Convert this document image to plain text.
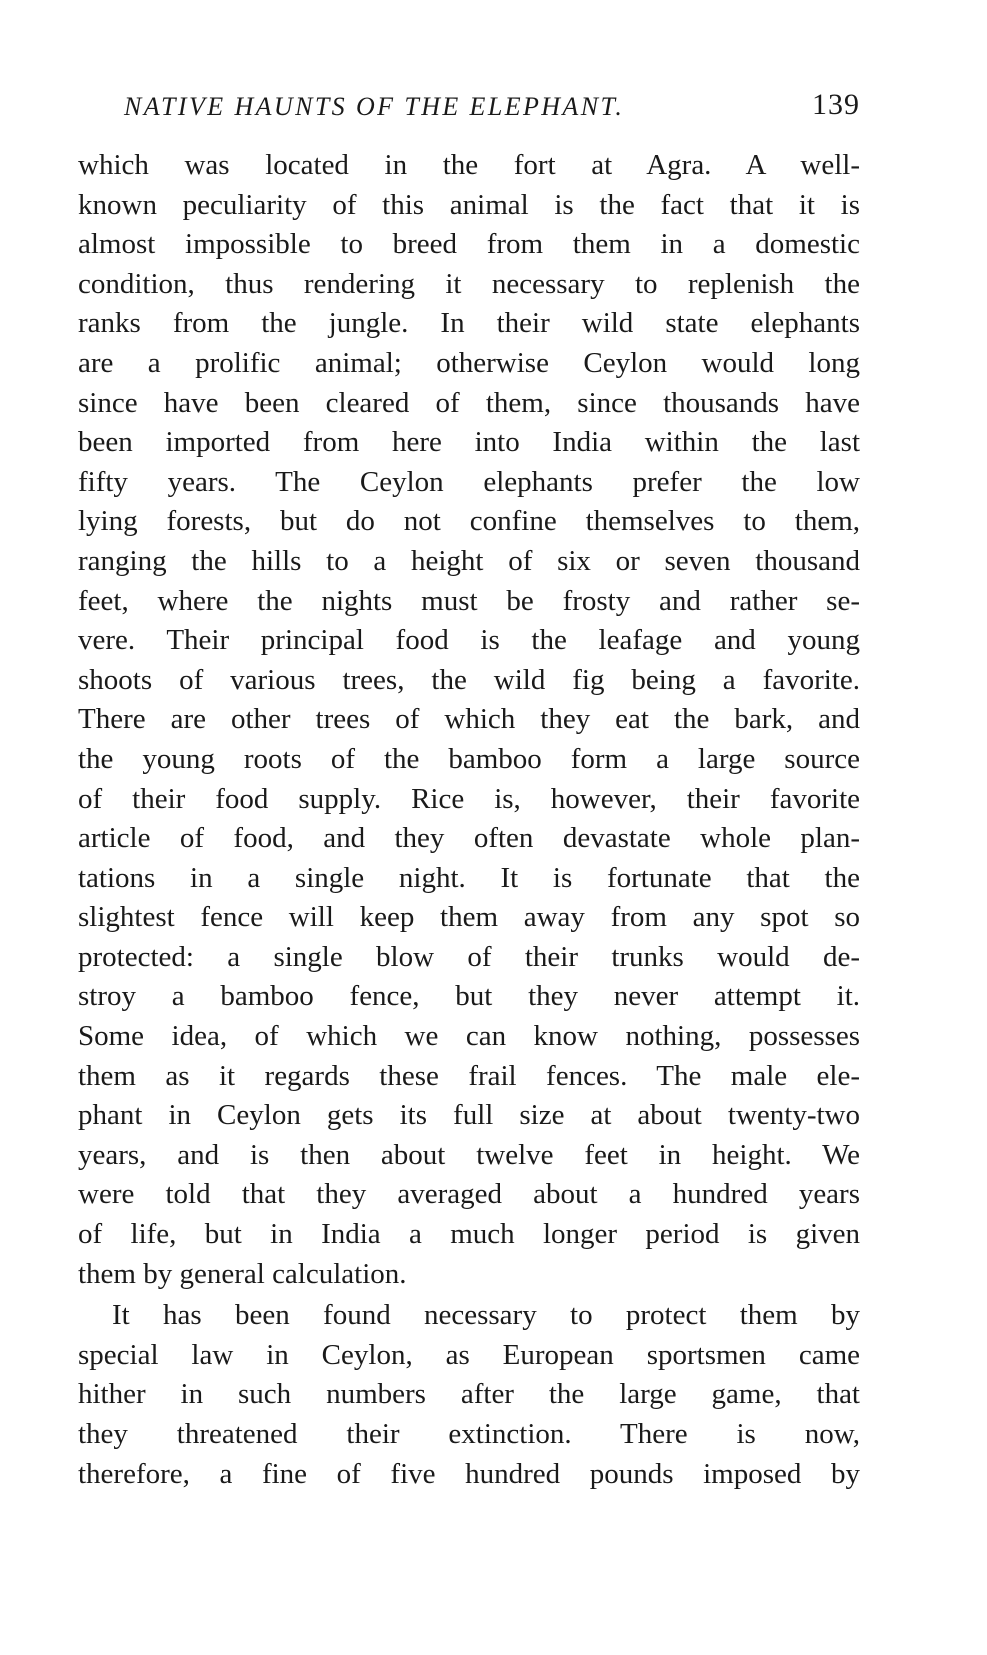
NATIVE HAUNTS OF THE ELEPHANT.	139
which was located in the fort at Agra. A well-
known peculiarity of this animal is the fact that it is
almost impossible to breed from them in a domestic
condition, thus rendering it necessary to replenish the
ranks from the jungle. In their wild state elephants
are a prolific animal; otherwise Ceylon would long
since have been cleared of them, since thousands have
been imported from here into India within the last
fifty years. The Ceylon elephants prefer the low
lying forests, but do not confine themselves to them,
ranging the hills to a height of six or seven thousand
feet, where the nights must be frosty and rather se-
vere. Their principal food is the leafage and young
shoots of various trees, the wild fig being a favorite.
There are other trees of which they eat the bark, and
the young roots of the bamboo form a large source
of their food supply. Rice is, however, their favorite
article of food, and they often devastate whole plan-
tations in a single night. It is fortunate that the
slightest fence will keep them away from any spot so
protected: a single blow of their trunks would de-
stroy a bamboo fence, but they never attempt it.
Some idea, of which we can know nothing, possesses
them as it regards these frail fences. The male ele-
phant in Ceylon gets its full size at about twenty-two
years, and is then about twelve feet in height. We
were told that they averaged about a hundred years
of life, but in India a much longer period is given
them by general calculation.
It has been found necessary to protect them by
special law in Ceylon, as European sportsmen came
hither in such numbers after the large game, that
they threatened their extinction. There is now,
therefore, a fine of five hundred pounds imposed by
